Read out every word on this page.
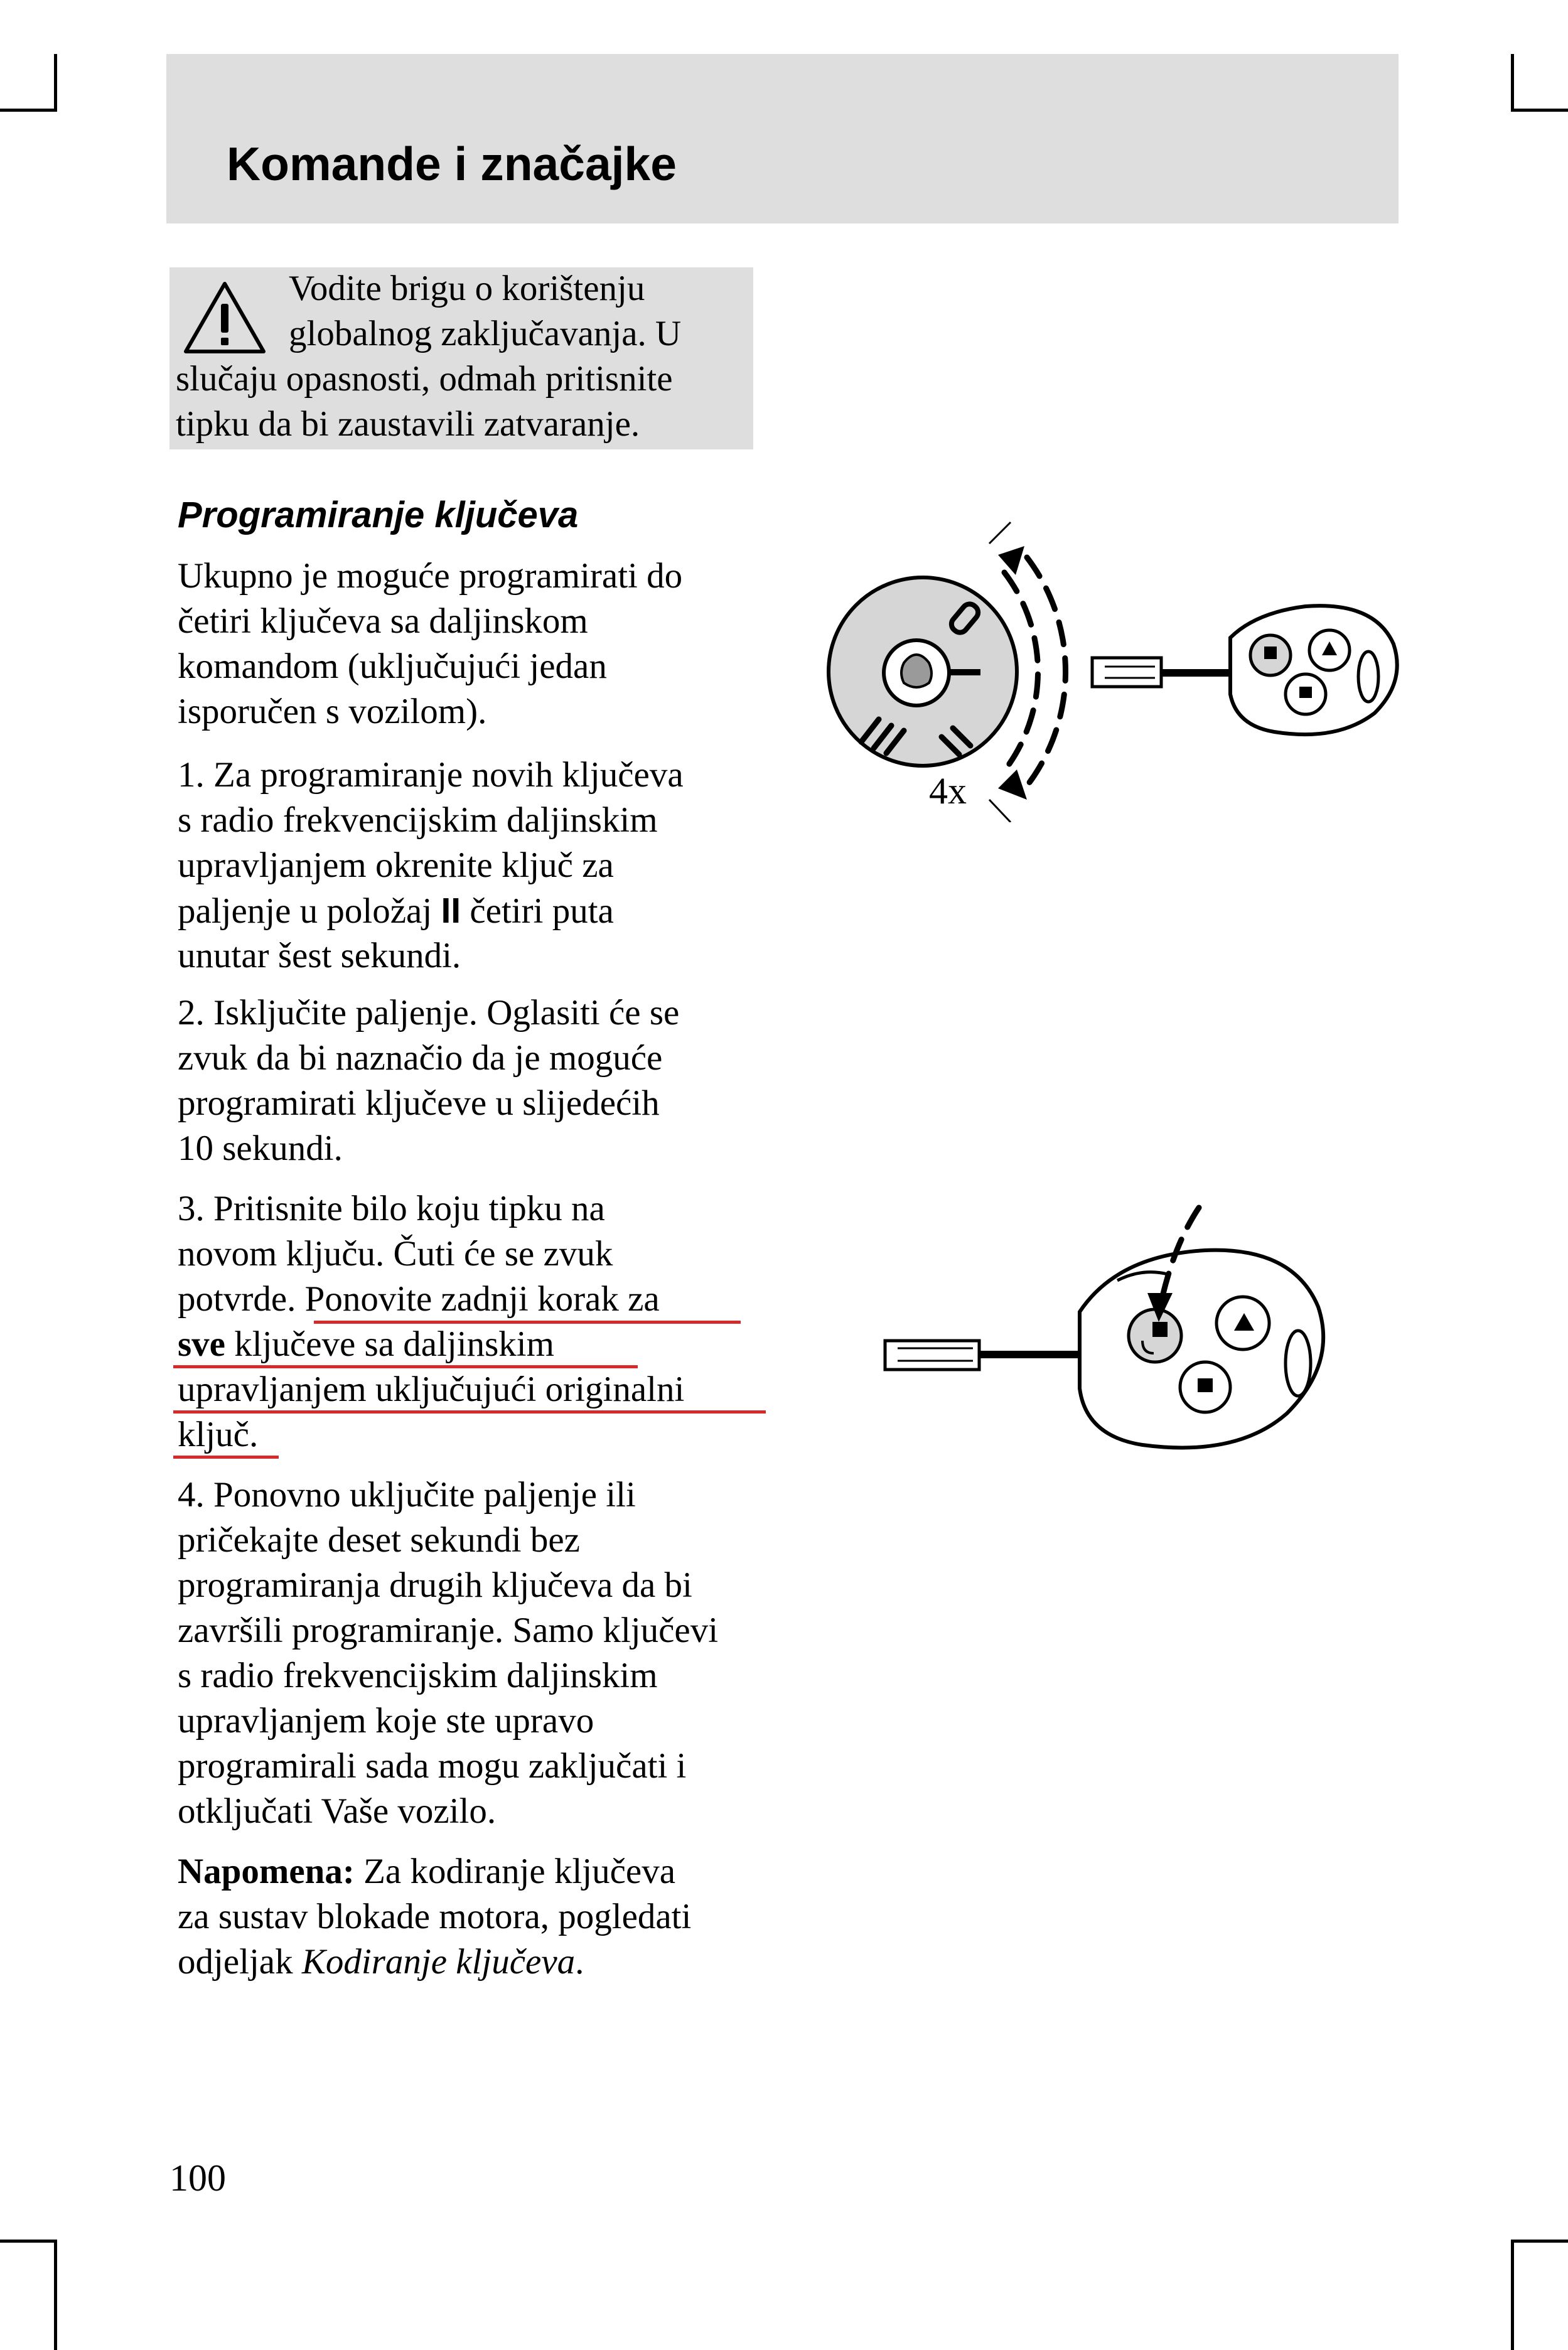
Komande i značajke
Vodite brigu o korištenju
globalnog zaključavanja. U
slučaju opasnosti, odmah pritisnite
tipku da bi zaustavili zatvaranje.
Programiranje ključeva
Ukupno je moguće programirati do
četiri ključeva sa daljinskom
komandom (uključujući jedan
isporučen s vozilom).
1. Za programiranje novih ključeva
s radio frekvencijskim daljinskim
upravljanjem okrenite ključ za
paljenje u položaj II četiri puta
unutar šest sekundi.
2. Isključite paljenje. Oglasiti će se
zvuk da bi naznačio da je moguće
programirati ključeve u slijedećih
10 sekundi.
3. Pritisnite bilo koju tipku na
novom ključu. Čuti će se zvuk
potvrde. Ponovite zadnji korak za
sve ključeve sa daljinskim
upravljanjem uključujući originalni
ključ.
4. Ponovno uključite paljenje ili
pričekajte deset sekundi bez
programiranja drugih ključeva da bi
završili programiranje. Samo ključevi
s radio frekvencijskim daljinskim
upravljanjem koje ste upravo
programirali sada mogu zaključati i
otključati Vaše vozilo.
Napomena: Za kodiranje ključeva
za sustav blokade motora, pogledati
odjeljak Kodiranje ključeva.
4x
100
